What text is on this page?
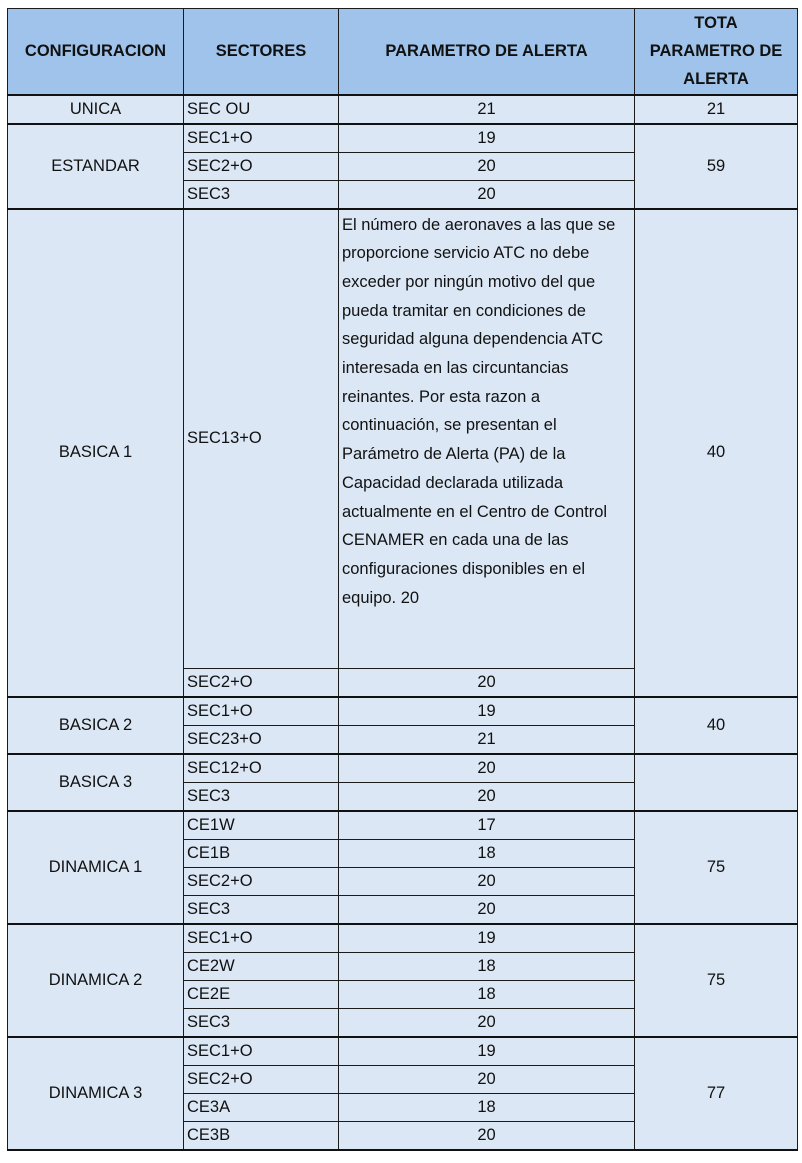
CONFIGURACION	SECTORES	PARAMETRO DE ALERTA	TOTA PARAMETRO DE ALERTA
UNICA	SEC OU	21	21
ESTANDAR	SEC1+O	19	59
	SEC2+O	20	
	SEC3	20	
BASICA 1	SEC13+O	El número de aeronaves a las que se proporcione servicio ATC no debe exceder por ningún motivo del que pueda tramitar en condiciones de seguridad alguna dependencia ATC interesada en las circuntancias reinantes. Por esta razon a continuación, se presentan el Parámetro de Alerta (PA) de la Capacidad declarada utilizada actualmente en el Centro de Control CENAMER en cada una de las configuraciones disponibles en el equipo. 20	40
	SEC2+O	20	
BASICA 2	SEC1+O	19	40
	SEC23+O	21	
BASICA 3	SEC12+O	20	
	SEC3	20	
DINAMICA 1	CE1W	17	75
	CE1B	18	
	SEC2+O	20	
	SEC3	20	
DINAMICA 2	SEC1+O	19	75
	CE2W	18	
	CE2E	18	
	SEC3	20	
DINAMICA 3	SEC1+O	19	77
	SEC2+O	20	
	CE3A	18	
	CE3B	20	
